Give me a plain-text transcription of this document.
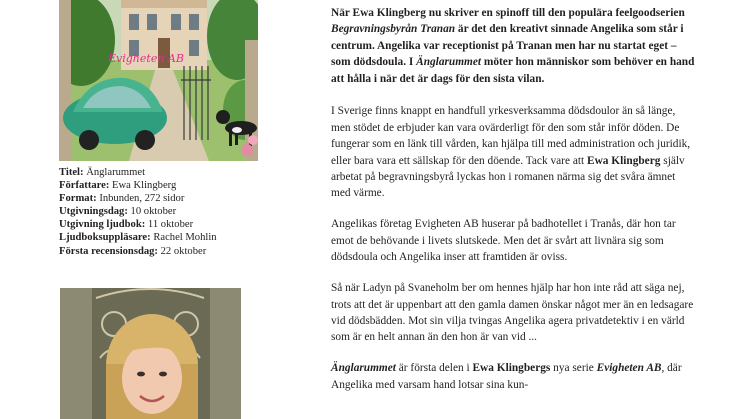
Evigheten AB
Titel: Änglarummet
Författare: Ewa Klingberg
Format: Inbunden, 272 sidor
Utgivningsdag: 10 oktober
Utgivning ljudbok: 11 oktober
Ljudboksuppläsare: Rachel Mohlin
Första recensionsdag: 22 oktober

När Ewa Klingberg nu skriver en spinoff till den populära feelgoodserien Begravningsbyrån Tranan är det den kreativt sinnade Angelika som står i centrum. Angelika var receptionist på Tranan men har nu startat eget – som dödsdoula. I Änglarummet möter hon människor som behöver en hand att hålla i när det är dags för den sista vilan.

I Sverige finns knappt en handfull yrkesverksamma dödsdoulor än så länge, men stödet de erbjuder kan vara ovärderligt för den som står inför döden. De fungerar som en länk till vården, kan hjälpa till med administration och juridik, eller bara vara ett sällskap för den döende. Tack vare att Ewa Klingberg själv arbetat på begravningsbyrå lyckas hon i romanen närma sig det svåra ämnet med värme.

Angelikas företag Evigheten AB huserar på badhotellet i Tranås, där hon tar emot de behövande i livets slutskede. Men det är svårt att livnära sig som dödsdoula och Angelika inser att framtiden är oviss.

Så när Ladyn på Svaneholm ber om hennes hjälp har hon inte råd att säga nej, trots att det är uppenbart att den gamla damen önskar något mer än en ledsagare vid dödsbädden. Mot sin vilja tvingas Angelika agera privatdetektiv i en värld som är en helt annan än den hon är van vid ...

Änglarummet är första delen i Ewa Klingbergs nya serie Evigheten AB, där Angelika med varsam hand lotsar sina kun-
